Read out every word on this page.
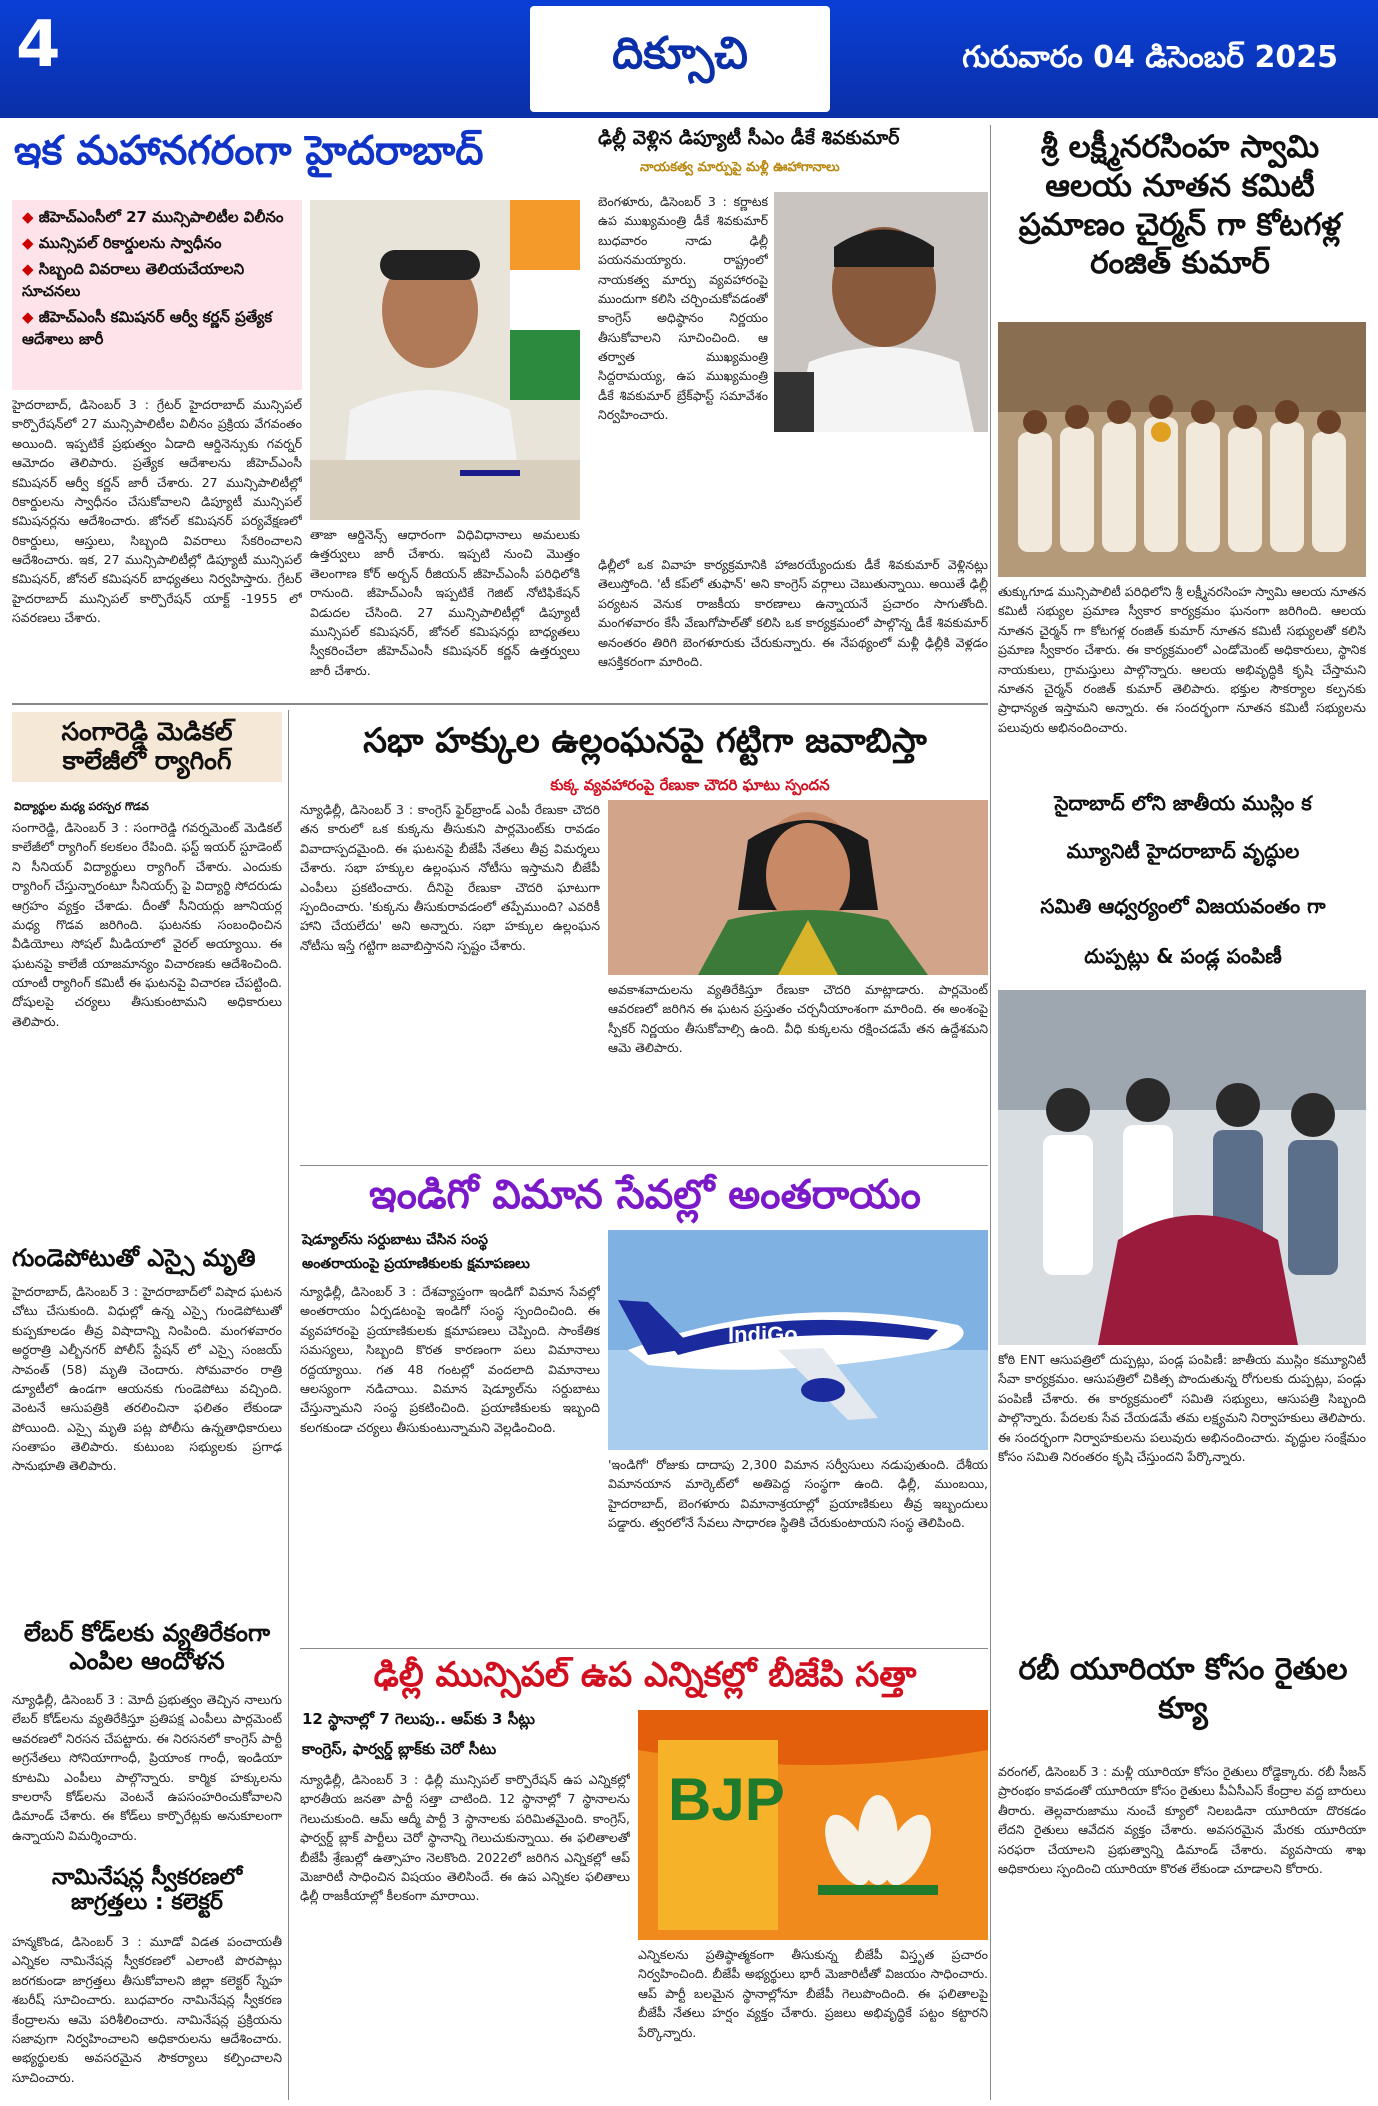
4	దిక్సూచి	గురువారం 04 డిసెంబర్ 2025
ఇక మహానగరంగా హైదరాబాద్
◆ జీహెచ్‌ఎంసీలో 27 మున్సిపాలిటీల విలీనం
◆ మున్సిపల్ రికార్డులను స్వాధీనం
◆ సిబ్బంది వివరాలు తెలియచేయాలని సూచనలు
◆ జీహెచ్ఎంసీ కమిషనర్ ఆర్వీ కర్ణన్ ప్రత్యేక ఆదేశాలు జారీ
హైదరాబాద్, డిసెంబర్ 3 : గ్రేటర్ హైదరాబాద్ మున్సిపల్ కార్పొరేషన్‌లో 27 మున్సిపాలిటీల విలీనం ప్రక్రియ వేగవంతం అయింది. ఇప్పటికే ప్రభుత్వం ఏడాది ఆర్డినెన్సుకు గవర్నర్ ఆమోదం తెలిపారు. ప్రత్యేక ఆదేశాలను జీహెచ్‌ఎంసీ కమిషనర్ ఆర్వీ కర్ణన్ జారీ చేశారు. 27 మున్సిపాలిటీల్లో రికార్డులను స్వాధీనం చేసుకోవాలని డిప్యూటీ మున్సిపల్ కమిషనర్లను ఆదేశించారు. జోనల్ కమిషనర్ పర్యవేక్షణలో రికార్డులు, ఆస్తులు, సిబ్బంది వివరాలు సేకరించాలని ఆదేశించారు. ఇక, 27 మున్సిపాలిటీల్లో డిప్యూటీ మున్సిపల్ కమిషనర్, జోనల్ కమిషనర్ బాధ్యతలు నిర్వహిస్తారు. గ్రేటర్ హైదరాబాద్ మున్సిపల్ కార్పొరేషన్ యాక్ట్ -1955 లో సవరణలు చేశారు.
తాజా ఆర్డినెన్స్ ఆధారంగా విధివిధానాలు అమలుకు ఉత్తర్వులు జారీ చేశారు. ఇప్పటి నుంచి మొత్తం తెలంగాణ కోర్ అర్బన్ రీజియన్ జీహెచ్‌ఎంసీ పరిధిలోకి రానుంది. జీహెచ్ఎంసీ ఇప్పటికే గెజిట్ నోటిఫికేషన్ విడుదల చేసింది. 27 మున్సిపాలిటీల్లో డిప్యూటీ మున్సిపల్ కమిషనర్, జోనల్ కమిషనర్లు బాధ్యతలు స్వీకరించేలా జీహెచ్‌ఎంసీ కమిషనర్ కర్ణన్ ఉత్తర్వులు జారీ చేశారు.
ఢిల్లీ వెళ్లిన డిప్యూటీ సీఎం డీకే శివకుమార్
నాయకత్వ మార్పుపై మళ్లీ ఊహాగానాలు
బెంగళూరు, డిసెంబర్ 3 : కర్ణాటక ఉప ముఖ్యమంత్రి డీకే శివకుమార్ బుధవారం నాడు ఢిల్లీ పయనమయ్యారు. రాష్ట్రంలో నాయకత్వ మార్పు వ్యవహారంపై ముందుగా కలిసి చర్చించుకోవడంతో కాంగ్రెస్ అధిష్ఠానం నిర్ణయం తీసుకోవాలని సూచించింది. ఆ తర్వాత ముఖ్యమంత్రి సిద్దరామయ్య, ఉప ముఖ్యమంత్రి డీకే శివకుమార్ బ్రేక్‌ఫాస్ట్ సమావేశం నిర్వహించారు.
ఢిల్లీలో ఒక వివాహ కార్యక్రమానికి హాజరయ్యేందుకు డీకే శివకుమార్ వెళ్లినట్లు తెలుస్తోంది. 'టీ కప్‌లో తుఫాన్' అని కాంగ్రెస్ వర్గాలు చెబుతున్నాయి. అయితే ఢిల్లీ పర్యటన వెనుక రాజకీయ కారణాలు ఉన్నాయనే ప్రచారం సాగుతోంది. మంగళవారం కేసీ వేణుగోపాల్‌తో కలిసి ఒక కార్యక్రమంలో పాల్గొన్న డీకే శివకుమార్ అనంతరం తిరిగి బెంగళూరుకు చేరుకున్నారు. ఈ నేపథ్యంలో మళ్లీ ఢిల్లీకి వెళ్లడం ఆసక్తికరంగా మారింది.
శ్రీ లక్ష్మీనరసింహ స్వామి ఆలయ నూతన కమిటీ ప్రమాణం చైర్మన్ గా కోటగళ్ల రంజిత్ కుమార్
తుక్కుగూడ మున్సిపాలిటీ పరిధిలోని శ్రీ లక్ష్మీనరసింహ స్వామి ఆలయ నూతన కమిటీ సభ్యుల ప్రమాణ స్వీకార కార్యక్రమం ఘనంగా జరిగింది. ఆలయ నూతన చైర్మన్ గా కోటగళ్ల రంజిత్ కుమార్ నూతన కమిటీ సభ్యులతో కలిసి ప్రమాణ స్వీకారం చేశారు. ఈ కార్యక్రమంలో ఎండోమెంట్ అధికారులు, స్థానిక నాయకులు, గ్రామస్తులు పాల్గొన్నారు. ఆలయ అభివృద్ధికి కృషి చేస్తామని నూతన చైర్మన్ రంజిత్ కుమార్ తెలిపారు. భక్తుల సౌకర్యాల కల్పనకు ప్రాధాన్యత ఇస్తామని అన్నారు. ఈ సందర్భంగా నూతన కమిటీ సభ్యులను పలువురు అభినందించారు.
సైదాబాద్ లోని జాతీయ ముస్లిం క
మ్యూనిటీ హైదరాబాద్ వృద్ధుల
సమితి ఆధ్వర్యంలో విజయవంతం గా
దుప్పట్లు & పండ్ల పంపిణీ
కోఠి ENT ఆసుపత్రిలో దుప్పట్లు, పండ్ల పంపిణీ: జాతీయ ముస్లిం కమ్యూనిటీ సేవా కార్యక్రమం. ఆసుపత్రిలో చికిత్స పొందుతున్న రోగులకు దుప్పట్లు, పండ్లు పంపిణీ చేశారు. ఈ కార్యక్రమంలో సమితి సభ్యులు, ఆసుపత్రి సిబ్బంది పాల్గొన్నారు. పేదలకు సేవ చేయడమే తమ లక్ష్యమని నిర్వాహకులు తెలిపారు. ఈ సందర్భంగా నిర్వాహకులను పలువురు అభినందించారు. వృద్ధుల సంక్షేమం కోసం సమితి నిరంతరం కృషి చేస్తుందని పేర్కొన్నారు.
రబీ యూరియా కోసం రైతుల క్యూ
వరంగల్, డిసెంబర్ 3 : మళ్లీ యూరియా కోసం రైతులు రోడ్డెక్కారు. రబీ సీజన్ ప్రారంభం కావడంతో యూరియా కోసం రైతులు పీఏసీఎస్ కేంద్రాల వద్ద బారులు తీరారు. తెల్లవారుజాము నుంచే క్యూలో నిలబడినా యూరియా దొరకడం లేదని రైతులు ఆవేదన వ్యక్తం చేశారు. అవసరమైన మేరకు యూరియా సరఫరా చేయాలని ప్రభుత్వాన్ని డిమాండ్ చేశారు. వ్యవసాయ శాఖ అధికారులు స్పందించి యూరియా కొరత లేకుండా చూడాలని కోరారు.
సంగారెడ్డి మెడికల్ కాలేజీలో ర్యాగింగ్
విద్యార్థుల మధ్య పరస్పర గొడవ
సంగారెడ్డి, డిసెంబర్ 3 : సంగారెడ్డి గవర్నమెంట్ మెడికల్ కాలేజీలో ర్యాగింగ్ కలకలం రేపింది. ఫస్ట్ ఇయర్ స్టూడెంట్ ని సీనియర్ విద్యార్థులు ర్యాగింగ్ చేశారు. ఎందుకు ర్యాగింగ్ చేస్తున్నారంటూ సీనియర్స్ పై విద్యార్థి సోదరుడు ఆగ్రహం వ్యక్తం చేశాడు. దీంతో సీనియర్లు జూనియర్ల మధ్య గొడవ జరిగింది. ఘటనకు సంబంధించిన వీడియోలు సోషల్ మీడియాలో వైరల్ అయ్యాయి. ఈ ఘటనపై కాలేజీ యాజమాన్యం విచారణకు ఆదేశించింది. యాంటీ ర్యాగింగ్ కమిటీ ఈ ఘటనపై విచారణ చేపట్టింది. దోషులపై చర్యలు తీసుకుంటామని అధికారులు తెలిపారు.
గుండెపోటుతో ఎస్సై మృతి
హైదరాబాద్, డిసెంబర్ 3 : హైదరాబాద్‌లో విషాద ఘటన చోటు చేసుకుంది. విధుల్లో ఉన్న ఎస్సై గుండెపోటుతో కుప్పకూలడం తీవ్ర విషాదాన్ని నింపింది. మంగళవారం అర్ధరాత్రి ఎల్బీనగర్ పోలీస్ స్టేషన్ లో ఎస్సై సంజయ్ సావంత్ (58) మృతి చెందారు. సోమవారం రాత్రి డ్యూటీలో ఉండగా ఆయనకు గుండెపోటు వచ్చింది. వెంటనే ఆసుపత్రికి తరలించినా ఫలితం లేకుండా పోయింది. ఎస్సై మృతి పట్ల పోలీసు ఉన్నతాధికారులు సంతాపం తెలిపారు. కుటుంబ సభ్యులకు ప్రగాఢ సానుభూతి తెలిపారు.
లేబర్ కోడ్‌లకు వ్యతిరేకంగా ఎంపిల ఆందోళన
న్యూఢిల్లీ, డిసెంబర్ 3 : మోదీ ప్రభుత్వం తెచ్చిన నాలుగు లేబర్ కోడ్‌లను వ్యతిరేకిస్తూ ప్రతిపక్ష ఎంపీలు పార్లమెంట్ ఆవరణలో నిరసన చేపట్టారు. ఈ నిరసనలో కాంగ్రెస్ పార్టీ అగ్రనేతలు సోనియాగాంధీ, ప్రియాంక గాంధీ, ఇండియా కూటమి ఎంపీలు పాల్గొన్నారు. కార్మిక హక్కులను కాలరాసే కోడ్‌లను వెంటనే ఉపసంహరించుకోవాలని డిమాండ్ చేశారు. ఈ కోడ్‌లు కార్పొరేట్లకు అనుకూలంగా ఉన్నాయని విమర్శించారు.
నామినేషన్ల స్వీకరణలో జాగ్రత్తలు : కలెక్టర్
హన్మకొండ, డిసెంబర్ 3 : మూడో విడత పంచాయతీ ఎన్నికల నామినేషన్ల స్వీకరణలో ఎలాంటి పొరపాట్లు జరగకుండా జాగ్రత్తలు తీసుకోవాలని జిల్లా కలెక్టర్ స్నేహ శబరీష్ సూచించారు. బుధవారం నామినేషన్ల స్వీకరణ కేంద్రాలను ఆమె పరిశీలించారు. నామినేషన్ల ప్రక్రియను సజావుగా నిర్వహించాలని అధికారులను ఆదేశించారు. అభ్యర్థులకు అవసరమైన సౌకర్యాలు కల్పించాలని సూచించారు.
సభా హక్కుల ఉల్లంఘనపై గట్టిగా జవాబిస్తా
కుక్క వ్యవహారంపై రేణుకా చౌదరి ఘాటు స్పందన
న్యూఢిల్లీ, డిసెంబర్ 3 : కాంగ్రెస్ ఫైర్‌బ్రాండ్ ఎంపీ రేణుకా చౌదరి తన కారులో ఒక కుక్కను తీసుకుని పార్లమెంట్‌కు రావడం వివాదాస్పదమైంది. ఈ ఘటనపై బీజేపీ నేతలు తీవ్ర విమర్శలు చేశారు. సభా హక్కుల ఉల్లంఘన నోటీసు ఇస్తామని బీజేపీ ఎంపీలు ప్రకటించారు. దీనిపై రేణుకా చౌదరి ఘాటుగా స్పందించారు. 'కుక్కను తీసుకురావడంలో తప్పేముంది? ఎవరికీ హాని చేయలేదు' అని అన్నారు. సభా హక్కుల ఉల్లంఘన నోటీసు ఇస్తే గట్టిగా జవాబిస్తానని స్పష్టం చేశారు.
అవకాశవాదులను వ్యతిరేకిస్తూ రేణుకా చౌదరి మాట్లాడారు. పార్లమెంట్ ఆవరణలో జరిగిన ఈ ఘటన ప్రస్తుతం చర్చనీయాంశంగా మారింది. ఈ అంశంపై స్పీకర్ నిర్ణయం తీసుకోవాల్సి ఉంది. వీధి కుక్కలను రక్షించడమే తన ఉద్దేశమని ఆమె తెలిపారు.
ఇండిగో విమాన సేవల్లో అంతరాయం
షెడ్యూల్‌ను సర్దుబాటు చేసిన సంస్థ
అంతరాయంపై ప్రయాణికులకు క్షమాపణలు
న్యూఢిల్లీ, డిసెంబర్ 3 : దేశవ్యాప్తంగా ఇండిగో విమాన సేవల్లో అంతరాయం ఏర్పడటంపై ఇండిగో సంస్థ స్పందించింది. ఈ వ్యవహారంపై ప్రయాణికులకు క్షమాపణలు చెప్పింది. సాంకేతిక సమస్యలు, సిబ్బంది కొరత కారణంగా పలు విమానాలు రద్దయ్యాయి. గత 48 గంటల్లో వందలాది విమానాలు ఆలస్యంగా నడిచాయి. విమాన షెడ్యూల్‌ను సర్దుబాటు చేస్తున్నామని సంస్థ ప్రకటించింది. ప్రయాణికులకు ఇబ్బంది కలగకుండా చర్యలు తీసుకుంటున్నామని వెల్లడించింది.
IndiGo
'ఇండిగో' రోజుకు దాదాపు 2,300 విమాన సర్వీసులు నడుపుతుంది. దేశీయ విమానయాన మార్కెట్‌లో అతిపెద్ద సంస్థగా ఉంది. ఢిల్లీ, ముంబయి, హైదరాబాద్, బెంగళూరు విమానాశ్రయాల్లో ప్రయాణికులు తీవ్ర ఇబ్బందులు పడ్డారు. త్వరలోనే సేవలు సాధారణ స్థితికి చేరుకుంటాయని సంస్థ తెలిపింది.
ఢిల్లీ మున్సిపల్ ఉప ఎన్నికల్లో బీజేపి సత్తా
12 స్థానాల్లో 7 గెలుపు.. ఆప్‌కు 3 సీట్లు
కాంగ్రెస్, ఫార్వర్డ్ బ్లాక్‌కు చెరో సీటు
న్యూఢిల్లీ, డిసెంబర్ 3 : ఢిల్లీ మున్సిపల్ కార్పొరేషన్ ఉప ఎన్నికల్లో భారతీయ జనతా పార్టీ సత్తా చాటింది. 12 స్థానాల్లో 7 స్థానాలను గెలుచుకుంది. ఆమ్ ఆద్మీ పార్టీ 3 స్థానాలకు పరిమితమైంది. కాంగ్రెస్, ఫార్వర్డ్ బ్లాక్ పార్టీలు చెరో స్థానాన్ని గెలుచుకున్నాయి. ఈ ఫలితాలతో బీజేపీ శ్రేణుల్లో ఉత్సాహం నెలకొంది. 2022లో జరిగిన ఎన్నికల్లో ఆప్ మెజారిటీ సాధించిన విషయం తెలిసిందే. ఈ ఉప ఎన్నికల ఫలితాలు ఢిల్లీ రాజకీయాల్లో కీలకంగా మారాయి.
BJP
ఎన్నికలను ప్రతిష్ఠాత్మకంగా తీసుకున్న బీజేపీ విస్తృత ప్రచారం నిర్వహించింది. బీజేపీ అభ్యర్థులు భారీ మెజారిటీతో విజయం సాధించారు. ఆప్ పార్టీ బలమైన స్థానాల్లోనూ బీజేపీ గెలుపొందింది. ఈ ఫలితాలపై బీజేపీ నేతలు హర్షం వ్యక్తం చేశారు. ప్రజలు అభివృద్ధికే పట్టం కట్టారని పేర్కొన్నారు.
